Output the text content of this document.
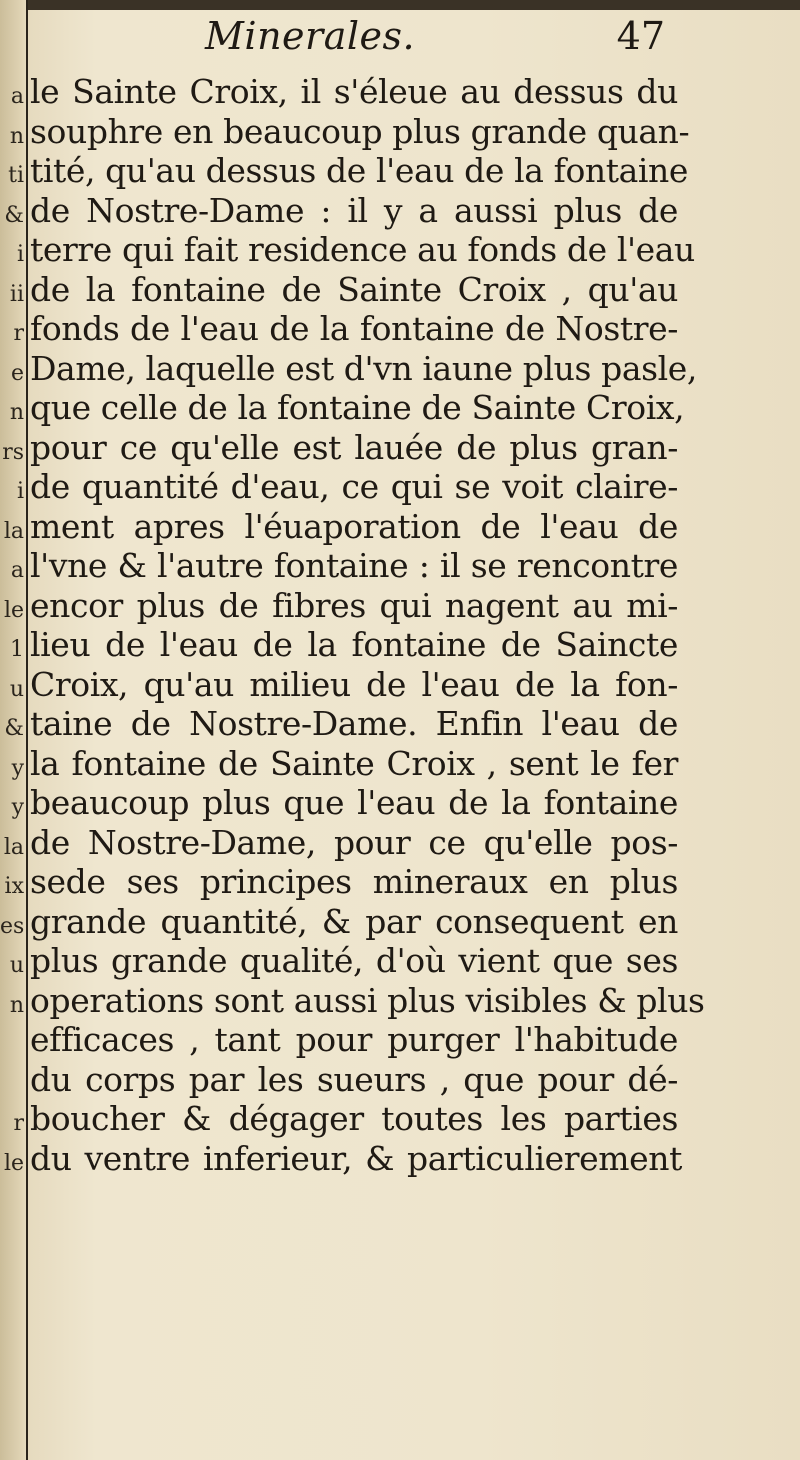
a
n
ti
&
i
ii
r
e
n
rs
i
la
a
le
1
u
&
y
y
la
ix
es
u
n
r
le
Minerales.	47
le Sainte Croix, il s'éleue au dessus du
souphre en beaucoup plus grande quan-
tité, qu'au dessus de l'eau de la fontaine
de Nostre-Dame : il y a aussi plus de
terre qui fait residence au fonds de l'eau
de la fontaine de Sainte Croix , qu'au
fonds de l'eau de la fontaine de Nostre-
Dame, laquelle est d'vn iaune plus pasle,
que celle de la fontaine de Sainte Croix,
pour ce qu'elle est lauée de plus gran-
de quantité d'eau, ce qui se voit claire-
ment apres l'éuaporation de l'eau de
l'vne & l'autre fontaine : il se rencontre
encor plus de fibres qui nagent au mi-
lieu de l'eau de la fontaine de Saincte
Croix, qu'au milieu de l'eau de la fon-
taine de Nostre-Dame. Enfin l'eau de
la fontaine de Sainte Croix , sent le fer
beaucoup plus que l'eau de la fontaine
de Nostre-Dame, pour ce qu'elle pos-
sede ses principes mineraux en plus
grande quantité, & par consequent en
plus grande qualité, d'où vient que ses
operations sont aussi plus visibles & plus
efficaces , tant pour purger l'habitude
du corps par les sueurs , que pour dé-
boucher & dégager toutes les parties
du ventre inferieur, & particulierement
